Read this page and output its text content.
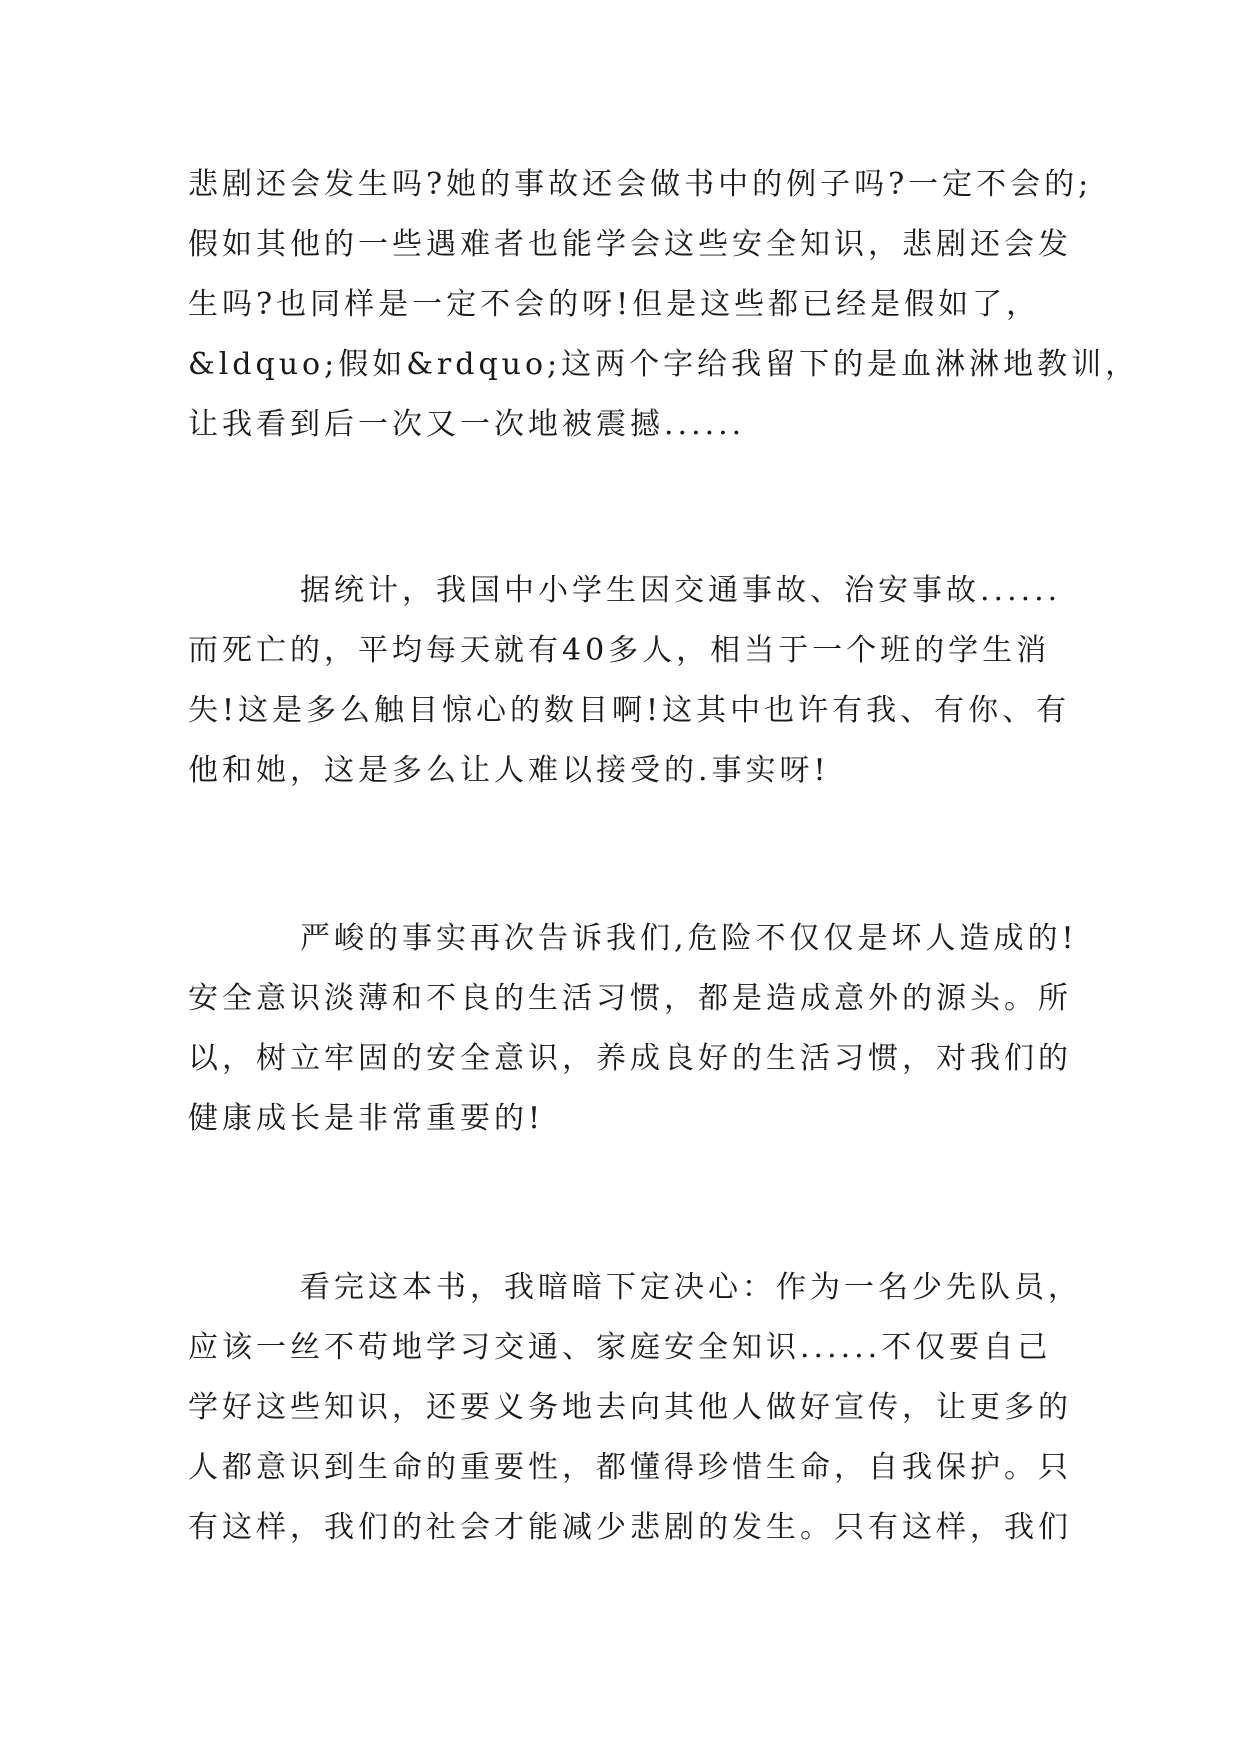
悲剧还会发生吗?她的事故还会做书中的例子吗?一定不会的;
假如其他的一些遇难者也能学会这些安全知识，悲剧还会发
生吗?也同样是一定不会的呀!但是这些都已经是假如了，
&ldquo;假如&rdquo;这两个字给我留下的是血淋淋地教训，
让我看到后一次又一次地被震撼......
据统计，我国中小学生因交通事故、治安事故......
而死亡的，平均每天就有40多人，相当于一个班的学生消
失!这是多么触目惊心的数目啊!这其中也许有我、有你、有
他和她，这是多么让人难以接受的.事实呀!
严峻的事实再次告诉我们,危险不仅仅是坏人造成的!
安全意识淡薄和不良的生活习惯，都是造成意外的源头。所
以，树立牢固的安全意识，养成良好的生活习惯，对我们的
健康成长是非常重要的!
看完这本书，我暗暗下定决心：作为一名少先队员，
应该一丝不苟地学习交通、家庭安全知识......不仅要自己
学好这些知识，还要义务地去向其他人做好宣传，让更多的
人都意识到生命的重要性，都懂得珍惜生命，自我保护。只
有这样，我们的社会才能减少悲剧的发生。只有这样，我们
